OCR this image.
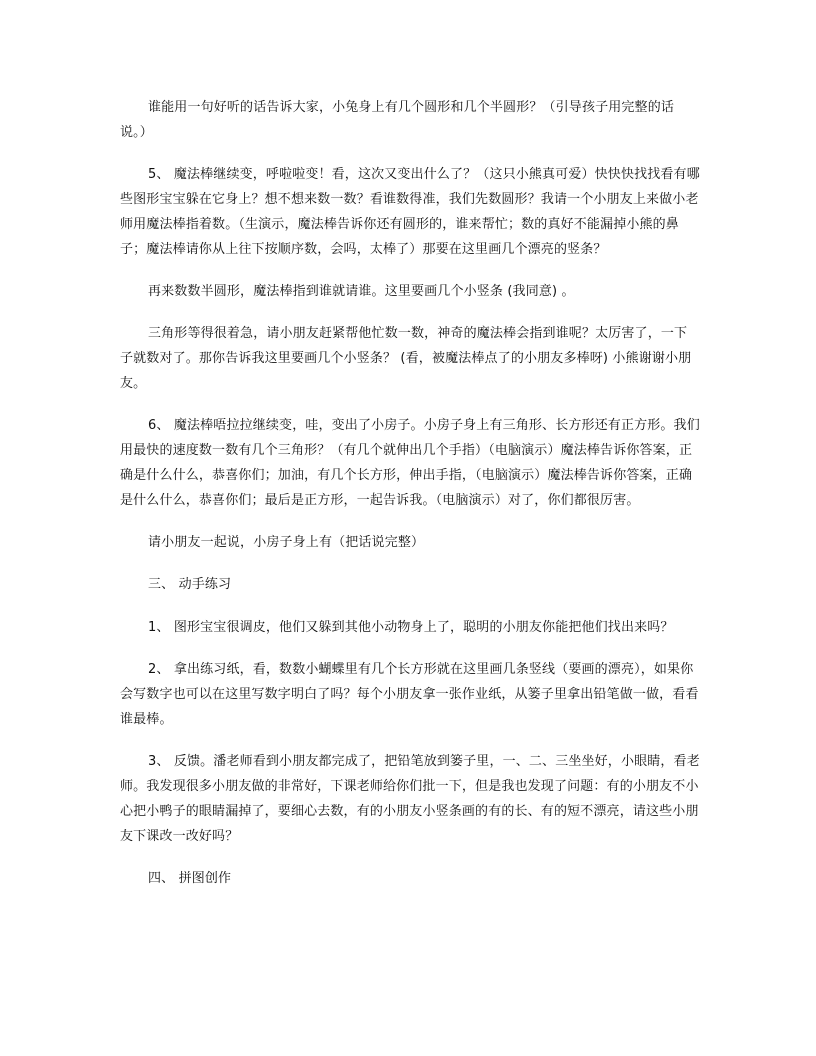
谁能用一句好听的话告诉大家，小兔身上有几个圆形和几个半圆形？（引导孩子用完整的话说。）

5、 魔法棒继续变，呼啦啦变！看，这次又变出什么了？（这只小熊真可爱）快快快找找看有哪些图形宝宝躲在它身上？想不想来数一数？看谁数得准，我们先数圆形？我请一个小朋友上来做小老师用魔法棒指着数。（生演示，魔法棒告诉你还有圆形的，谁来帮忙；数的真好不能漏掉小熊的鼻子；魔法棒请你从上往下按顺序数，会吗，太棒了）那要在这里画几个漂亮的竖条？

再来数数半圆形，魔法棒指到谁就请谁。这里要画几个小竖条 (我同意) 。

三角形等得很着急，请小朋友赶紧帮他忙数一数，神奇的魔法棒会指到谁呢？太厉害了，一下子就数对了。那你告诉我这里要画几个小竖条？ (看，被魔法棒点了的小朋友多棒呀) 小熊谢谢小朋友。

6、 魔法棒唔拉拉继续变，哇，变出了小房子。小房子身上有三角形、长方形还有正方形。我们用最快的速度数一数有几个三角形？（有几个就伸出几个手指）（电脑演示）魔法棒告诉你答案，正确是什么什么，恭喜你们；加油，有几个长方形，伸出手指，（电脑演示）魔法棒告诉你答案，正确是什么什么，恭喜你们；最后是正方形，一起告诉我。（电脑演示）对了，你们都很厉害。

请小朋友一起说，小房子身上有（把话说完整）

三、 动手练习

1、 图形宝宝很调皮，他们又躲到其他小动物身上了，聪明的小朋友你能把他们找出来吗？

2、 拿出练习纸，看，数数小蝴蝶里有几个长方形就在这里画几条竖线（要画的漂亮），如果你会写数字也可以在这里写数字明白了吗？每个小朋友拿一张作业纸，从篓子里拿出铅笔做一做，看看谁最棒。

3、 反馈。潘老师看到小朋友都完成了，把铅笔放到篓子里，一、二、三坐坐好，小眼睛，看老师。我发现很多小朋友做的非常好，下课老师给你们批一下，但是我也发现了问题：有的小朋友不小心把小鸭子的眼睛漏掉了，要细心去数，有的小朋友小竖条画的有的长、有的短不漂亮，请这些小朋友下课改一改好吗？

四、 拼图创作
